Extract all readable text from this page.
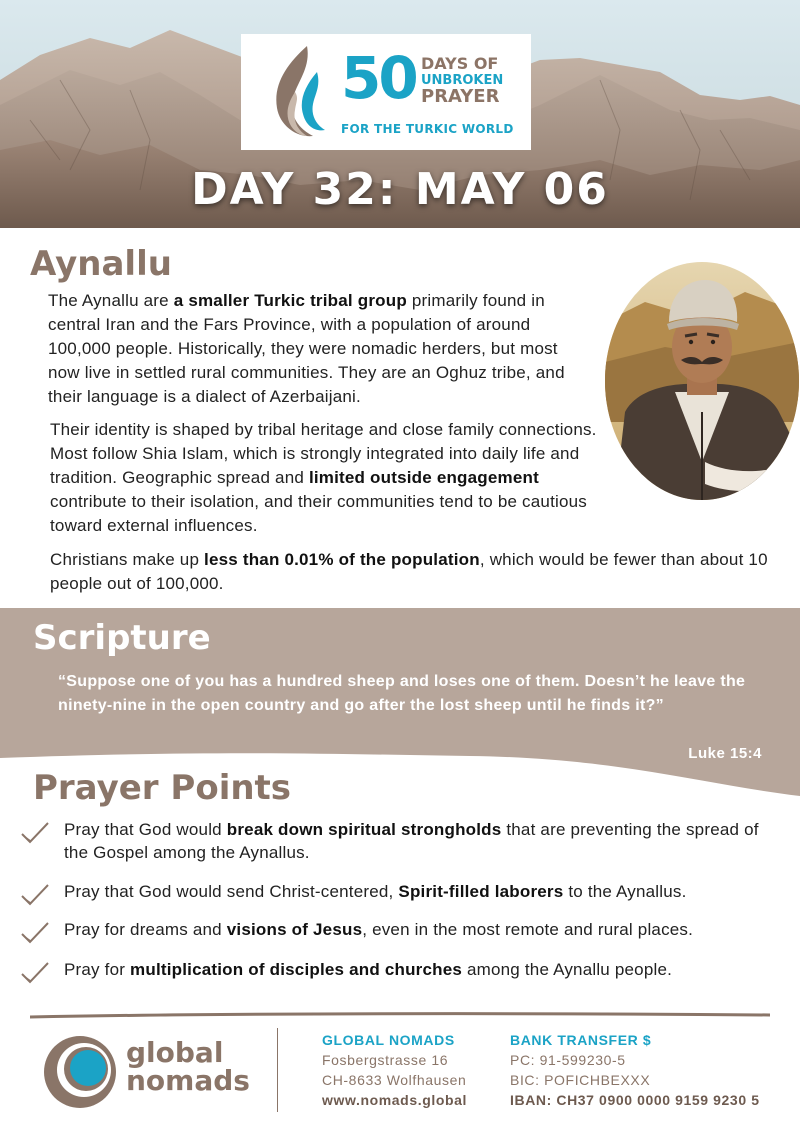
50 DAYS OF
UNBROKEN
PRAYER
FOR THE TURKIC WORLD
DAY 32: MAY 06
Aynallu

The Aynallu are a smaller Turkic tribal group primarily found in central Iran and the Fars Province, with a population of around 100,000 people. Historically, they were nomadic herders, but most now live in settled rural communities. They are an Oghuz tribe, and their language is a dialect of Azerbaijani.

Their identity is shaped by tribal heritage and close family connections. Most follow Shia Islam, which is strongly integrated into daily life and tradition. Geographic spread and limited outside engagement contribute to their isolation, and their communities tend to be cautious toward external influences.

Christians make up less than 0.01% of the population, which would be fewer than about 10 people out of 100,000.

Scripture

“Suppose one of you has a hundred sheep and loses one of them. Doesn’t he leave the ninety-nine in the open country and go after the lost sheep until he finds it?”

Luke 15:4
Prayer Points
Pray that God would break down spiritual strongholds that are preventing the spread of the Gospel among the Aynallus.
Pray that God would send Christ-centered, Spirit-filled laborers to the Aynallus.
Pray for dreams and visions of Jesus, even in the most remote and rural places.
Pray for multiplication of disciples and churches among the Aynallu people.
global
nomads
GLOBAL NOMADS
Fosbergstrasse 16
CH-8633 Wolfhausen
www.nomads.global
BANK TRANSFER $
PC: 91-599230-5
BIC: POFICHBEXXX
IBAN: CH37 0900 0000 9159 9230 5
